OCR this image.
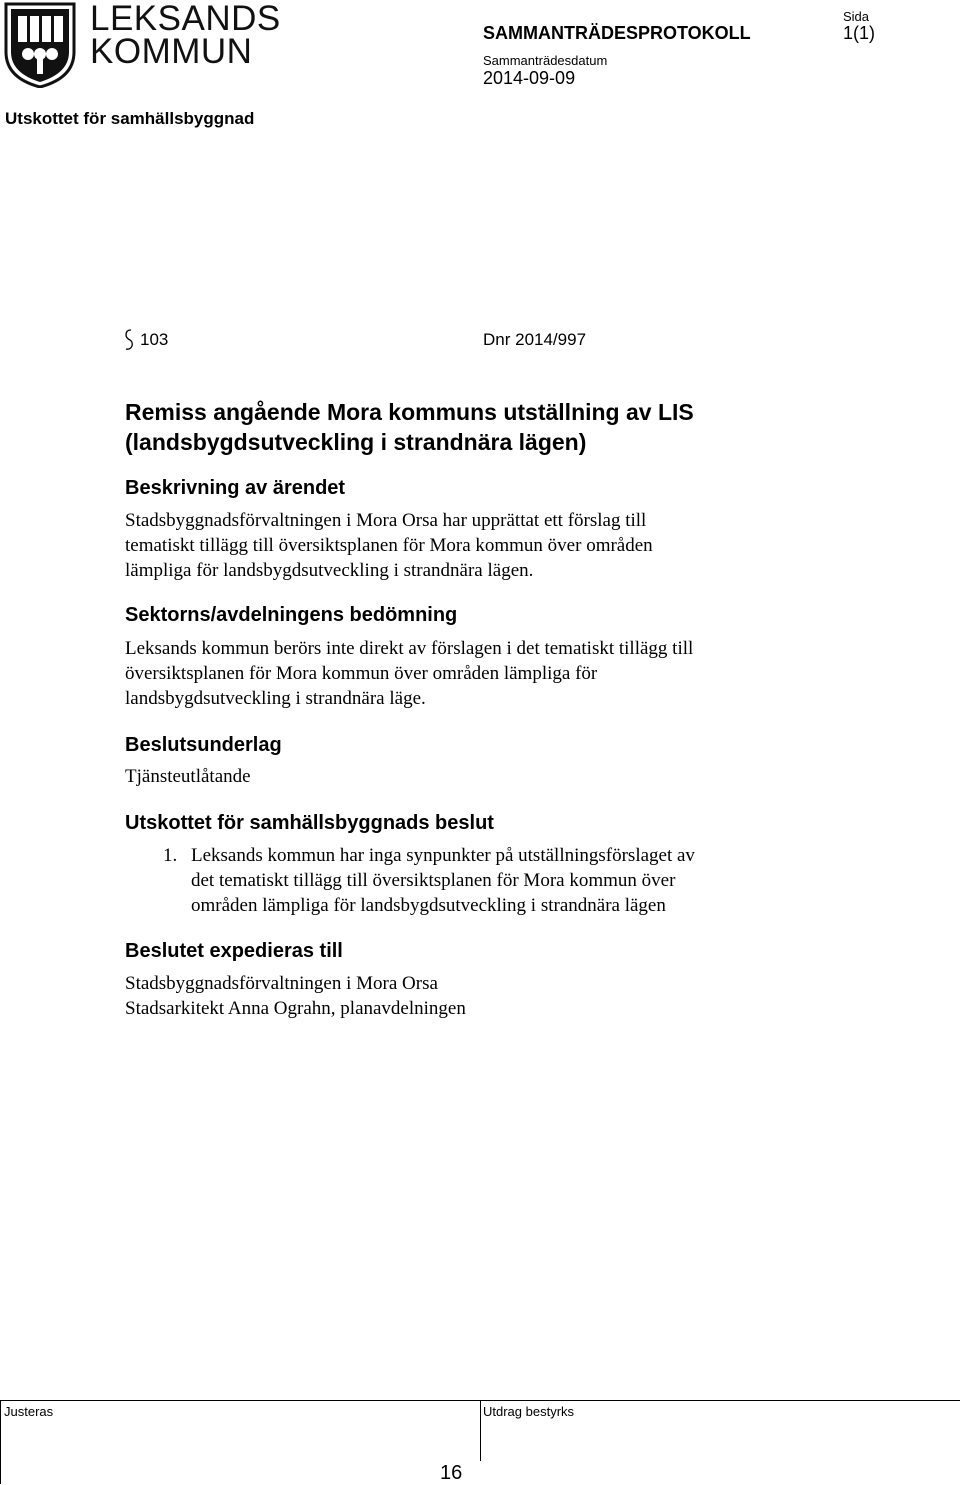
LEKSANDS
KOMMUN	SAMMANTRÄDESPROTOKOLL
Sammanträdesdatum
2014-09-09
Sida
1(1)
Utskottet för samhällsbyggnad
103	Dnr 2014/997
Remiss angående Mora kommuns utställning av LIS
(landsbygdsutveckling i strandnära lägen)
Beskrivning av ärendet
Stadsbyggnadsförvaltningen i Mora Orsa har upprättat ett förslag till
tematiskt tillägg till översiktsplanen för Mora kommun över områden
lämpliga för landsbygdsutveckling i strandnära lägen.
Sektorns/avdelningens bedömning
Leksands kommun berörs inte direkt av förslagen i det tematiskt tillägg till
översiktsplanen för Mora kommun över områden lämpliga för
landsbygdsutveckling i strandnära läge.
Beslutsunderlag
Tjänsteutlåtande
Utskottet för samhällsbyggnads beslut
1. Leksands kommun har inga synpunkter på utställningsförslaget av
det tematiskt tillägg till översiktsplanen för Mora kommun över
områden lämpliga för landsbygdsutveckling i strandnära lägen
Beslutet expedieras till
Stadsbyggnadsförvaltningen i Mora Orsa
Stadsarkitekt Anna Ograhn, planavdelningen
Justeras	Utdrag bestyrks
16
